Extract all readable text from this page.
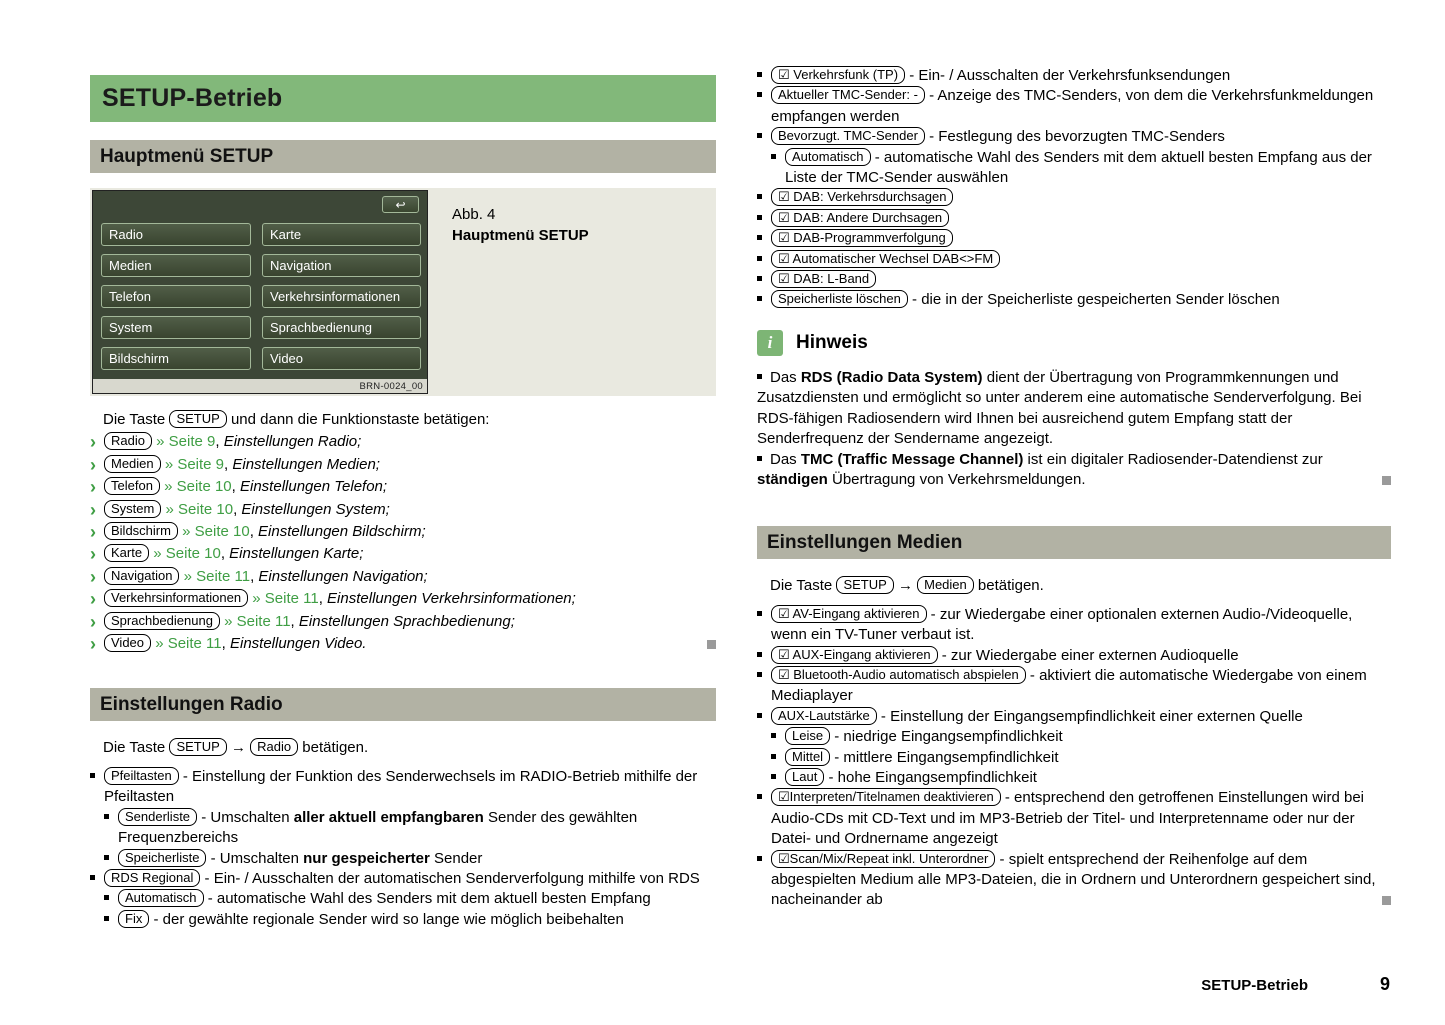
SETUP-Betrieb
Hauptmenü SETUP
↩
Radio	Karte
Medien	Navigation
Telefon	Verkehrsinformationen
System	Sprachbedienung
Bildschirm	Video
BRN-0024_00
Abb. 4
Hauptmenü SETUP
Die Taste SETUP und dann die Funktionstaste betätigen:
›
Radio » Seite 9, Einstellungen Radio;
›
Medien » Seite 9, Einstellungen Medien;
›
Telefon » Seite 10, Einstellungen Telefon;
›
System » Seite 10, Einstellungen System;
›
Bildschirm » Seite 10, Einstellungen Bildschirm;
›
Karte » Seite 10, Einstellungen Karte;
›
Navigation » Seite 11, Einstellungen Navigation;
›
Verkehrsinformationen » Seite 11, Einstellungen Verkehrsinformationen;
›
Sprachbedienung » Seite 11, Einstellungen Sprachbedienung;
›
Video » Seite 11, Einstellungen Video.
Einstellungen Radio
Die Taste SETUP → Radio betätigen.
Pfeiltasten - Einstellung der Funktion des Senderwechsels im RADIO-Betrieb mithilfe der Pfeiltasten
Senderliste - Umschalten aller aktuell empfangbaren Sender des gewählten Frequenzbereichs
Speicherliste - Umschalten nur gespeicherter Sender
RDS Regional - Ein- / Ausschalten der automatischen Senderverfolgung mithilfe von RDS
Automatisch - automatische Wahl des Senders mit dem aktuell besten Empfang
Fix - der gewählte regionale Sender wird so lange wie möglich beibehalten
☑ Verkehrsfunk (TP) - Ein- / Ausschalten der Verkehrsfunksendungen
Aktueller TMC-Sender: - - Anzeige des TMC-Senders, von dem die Verkehrsfunkmeldungen empfangen werden
Bevorzugt. TMC-Sender - Festlegung des bevorzugten TMC-Senders
Automatisch - automatische Wahl des Senders mit dem aktuell besten Empfang aus der Liste der TMC-Sender auswählen
☑ DAB: Verkehrsdurchsagen
☑ DAB: Andere Durchsagen
☑ DAB-Programmverfolgung
☑ Automatischer Wechsel DAB<>FM
☑ DAB: L-Band
Speicherliste löschen - die in der Speicherliste gespeicherten Sender löschen
i Hinweis
Das RDS (Radio Data System) dient der Übertragung von Programmkennungen und Zusatzdiensten und ermöglicht so unter anderem eine automatische Senderverfolgung. Bei RDS-fähigen Radiosendern wird Ihnen bei ausreichend gutem Empfang statt der Senderfrequenz der Sendername angezeigt.
Das TMC (Traffic Message Channel) ist ein digitaler Radiosender-Datendienst zur ständigen Übertragung von Verkehrsmeldungen.
Einstellungen Medien
Die Taste SETUP → Medien betätigen.
☑ AV-Eingang aktivieren - zur Wiedergabe einer optionalen externen Audio-/Videoquelle, wenn ein TV-Tuner verbaut ist.
☑ AUX-Eingang aktivieren - zur Wiedergabe einer externen Audioquelle
☑ Bluetooth-Audio automatisch abspielen - aktiviert die automatische Wiedergabe von einem Mediaplayer
AUX-Lautstärke - Einstellung der Eingangsempfindlichkeit einer externen Quelle
Leise - niedrige Eingangsempfindlichkeit
Mittel - mittlere Eingangsempfindlichkeit
Laut - hohe Eingangsempfindlichkeit
☑Interpreten/Titelnamen deaktivieren - entsprechend den getroffenen Einstellungen wird bei Audio-CDs mit CD-Text und im MP3-Betrieb der Titel- und Interpretenname oder nur der Datei- und Ordnername angezeigt
☑Scan/Mix/Repeat inkl. Unterordner - spielt entsprechend der Reihenfolge auf dem abgespielten Medium alle MP3-Dateien, die in Ordnern und Unterordnern gespeichert sind, nacheinander ab
SETUP-Betrieb	9
